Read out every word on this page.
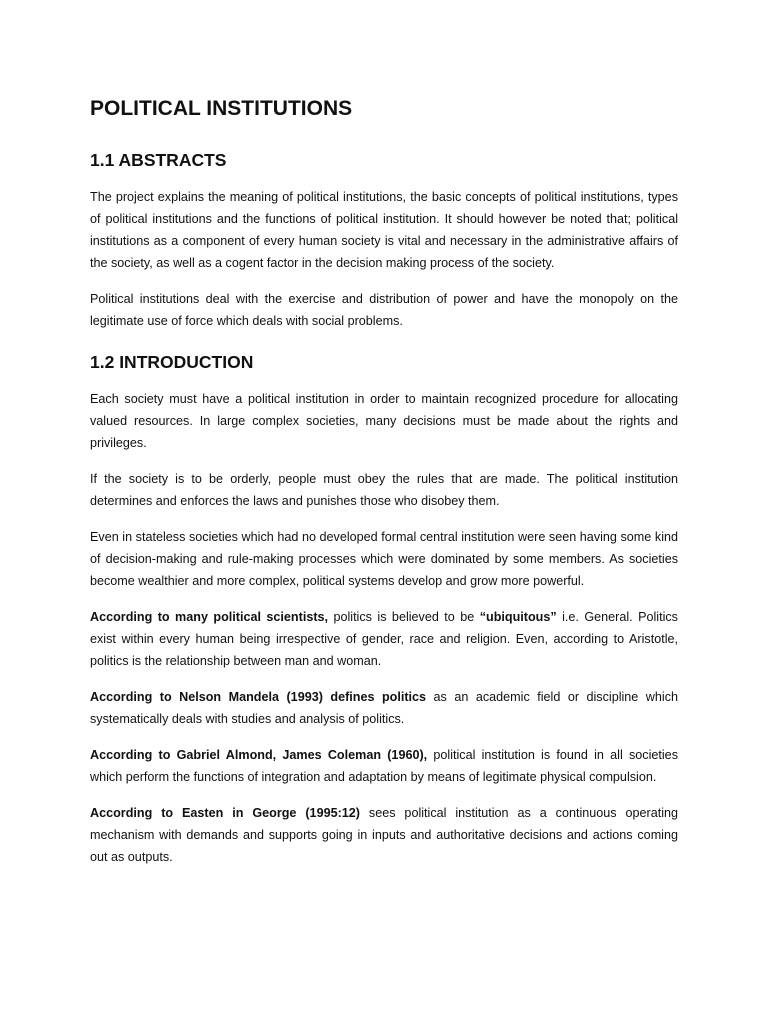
POLITICAL INSTITUTIONS
1.1 ABSTRACTS

The project explains the meaning of political institutions, the basic concepts of political institutions, types of political institutions and the functions of political institution. It should however be noted that; political institutions as a component of every human society is vital and necessary in the administrative affairs of the society, as well as a cogent factor in the decision making process of the society.

Political institutions deal with the exercise and distribution of power and have the monopoly on the legitimate use of force which deals with social problems.

1.2 INTRODUCTION

Each society must have a political institution in order to maintain recognized procedure for allocating valued resources. In large complex societies, many decisions must be made about the rights and privileges.

If the society is to be orderly, people must obey the rules that are made. The political institution determines and enforces the laws and punishes those who disobey them.

Even in stateless societies which had no developed formal central institution were seen having some kind of decision-making and rule-making processes which were dominated by some members. As societies become wealthier and more complex, political systems develop and grow more powerful.

According to many political scientists, politics is believed to be “ubiquitous” i.e. General. Politics exist within every human being irrespective of gender, race and religion. Even, according to Aristotle, politics is the relationship between man and woman.

According to Nelson Mandela (1993) defines politics as an academic field or discipline which systematically deals with studies and analysis of politics.

According to Gabriel Almond, James Coleman (1960), political institution is found in all societies which perform the functions of integration and adaptation by means of legitimate physical compulsion.

According to Easten in George (1995:12) sees political institution as a continuous operating mechanism with demands and supports going in inputs and authoritative decisions and actions coming out as outputs.
